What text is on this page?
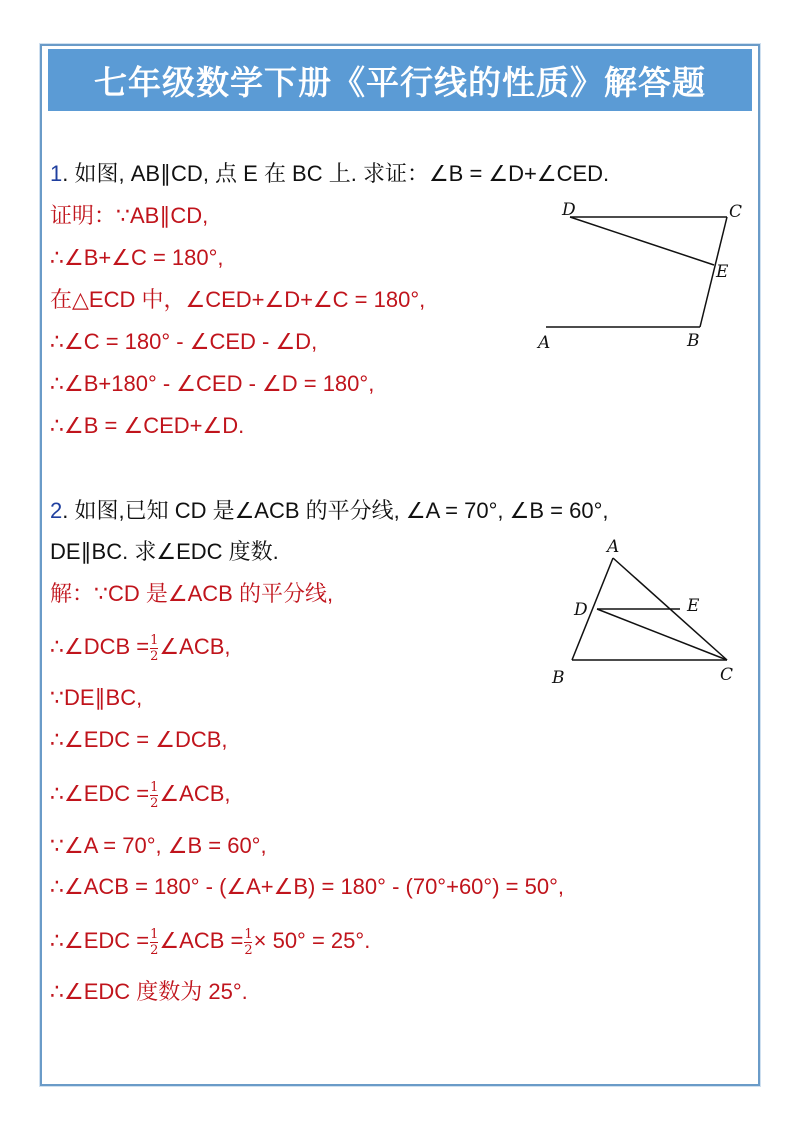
七年级数学下册《平行线的性质》解答题
1. 如图, AB∥CD, 点 E 在 BC 上. 求证：∠B = ∠D+∠CED.
证明：∵AB∥CD,
∴∠B+∠C = 180°,
在△ECD 中，∠CED+∠D+∠C = 180°,
∴∠C = 180° - ∠CED - ∠D,
∴∠B+180° - ∠CED - ∠D = 180°,
∴∠B = ∠CED+∠D.
D	C
E
A	B
2. 如图,已知 CD 是∠ACB 的平分线, ∠A = 70°, ∠B = 60°,
DE∥BC. 求∠EDC 度数.
解：∵CD 是∠ACB 的平分线,
∴∠DCB = $\frac{1}{2}$ ∠ACB,
∵DE∥BC,
∴∠EDC = ∠DCB,
∴∠EDC = $\frac{1}{2}$ ∠ACB,
∵∠A = 70°, ∠B = 60°,
∴∠ACB = 180° - (∠A+∠B) = 180° - (70°+60°) = 50°,
∴∠EDC = $\frac{1}{2}$ ∠ACB = $\frac{1}{2} \times 50^\circ = 25^\circ$.
∴∠EDC 度数为 25°.
A
D	E
B	C
